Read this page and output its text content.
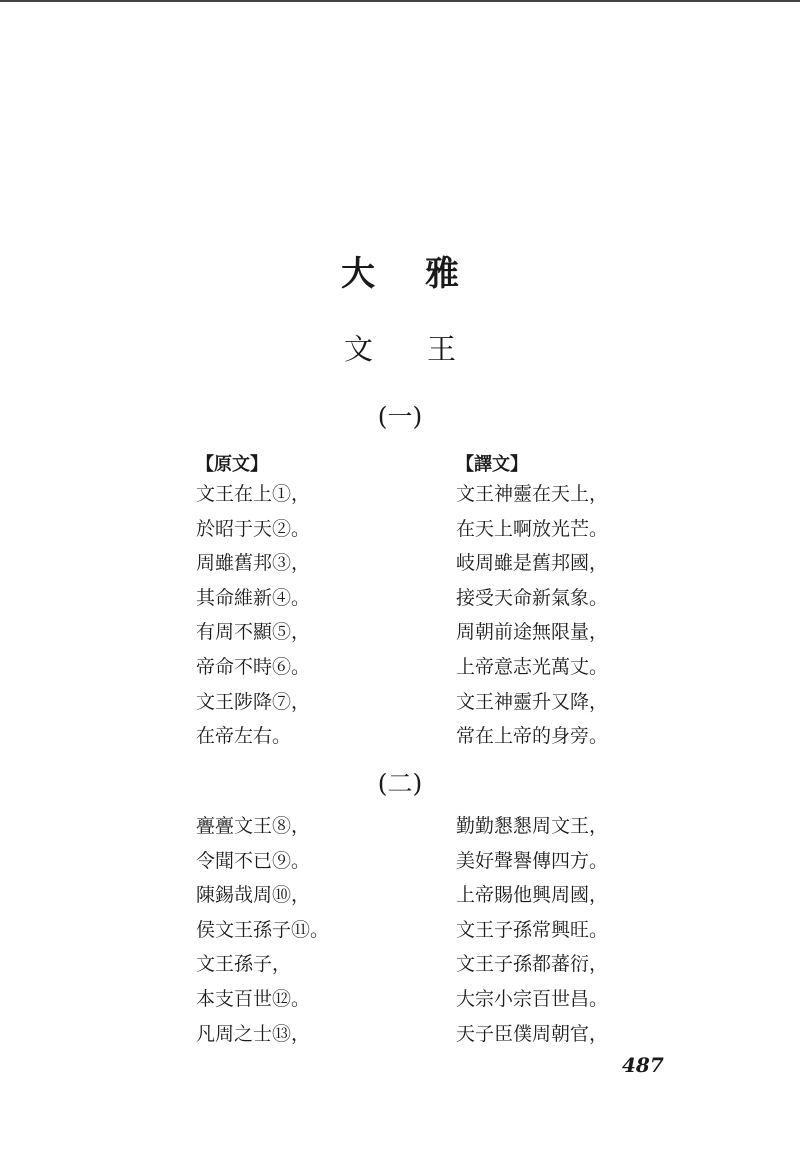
大雅
文王
(一)
【原文】	【譯文】
文王在上①，
於昭于天②。
周雖舊邦③，
其命維新④。
有周不顯⑤，
帝命不時⑥。
文王陟降⑦，
在帝左右。
文王神靈在天上，
在天上啊放光芒。
岐周雖是舊邦國，
接受天命新氣象。
周朝前途無限量，
上帝意志光萬丈。
文王神靈升又降，
常在上帝的身旁。
(二)
亹亹文王⑧，
令聞不已⑨。
陳錫哉周⑩，
侯文王孫子⑪。
文王孫子，
本支百世⑫。
凡周之士⑬，
勤勤懇懇周文王，
美好聲譽傳四方。
上帝賜他興周國，
文王子孫常興旺。
文王子孫都蕃衍，
大宗小宗百世昌。
天子臣僕周朝官，
487
